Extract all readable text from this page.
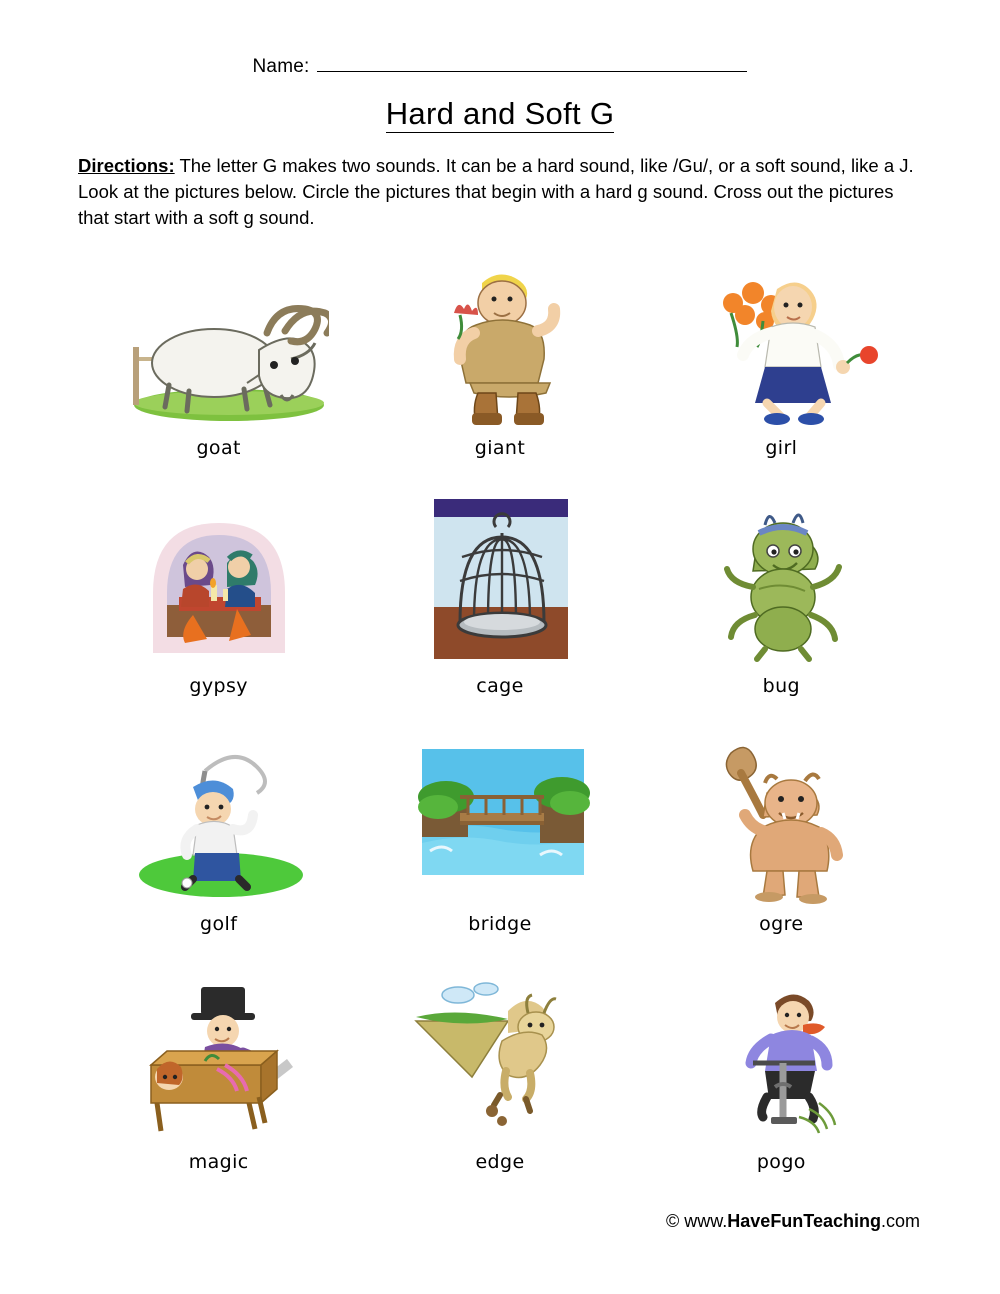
Name:
Hard and Soft G

Directions: The letter G makes two sounds. It can be a hard sound, like /Gu/, or a soft sound, like a J. Look at the pictures below. Circle the pictures that begin with a hard g sound. Cross out the pictures that start with a soft g sound.

goat	giant	girl
gypsy	cage	bug
golf	bridge	ogre
magic	edge	pogo
© www.HaveFunTeaching.com
